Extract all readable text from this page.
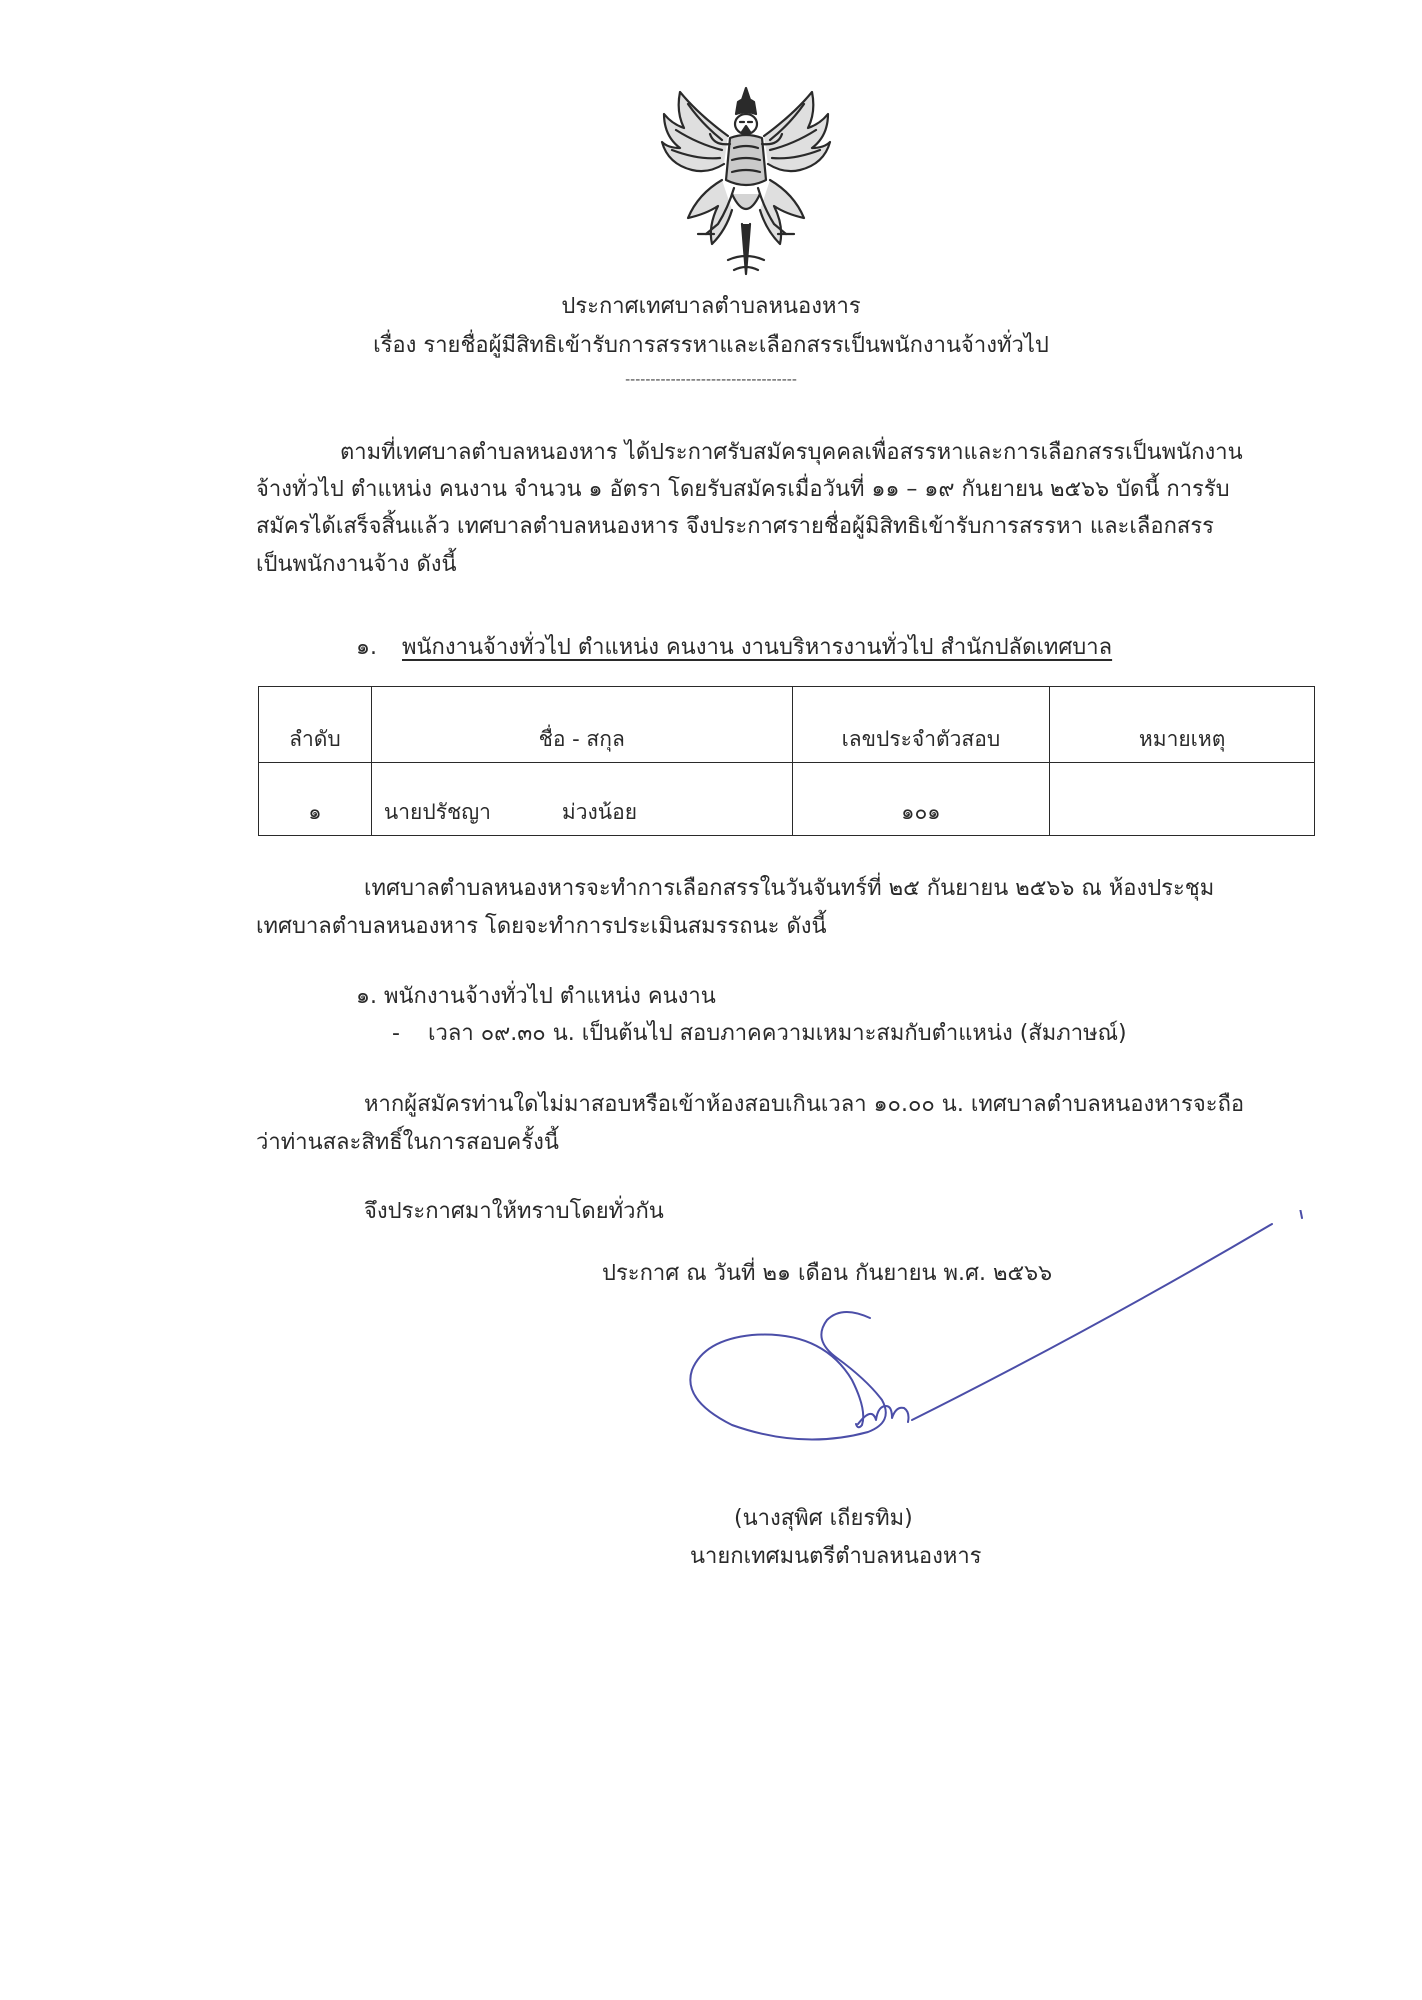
ประกาศเทศบาลตำบลหนองหาร
เรื่อง รายชื่อผู้มีสิทธิเข้ารับการสรรหาและเลือกสรรเป็นพนักงานจ้างทั่วไป
----------------------------------
ตามที่เทศบาลตำบลหนองหาร ได้ประกาศรับสมัครบุคคลเพื่อสรรหาและการเลือกสรรเป็นพนักงาน
จ้างทั่วไป ตำแหน่ง คนงาน จำนวน ๑ อัตรา โดยรับสมัครเมื่อวันที่ ๑๑ – ๑๙ กันยายน ๒๕๖๖ บัดนี้ การรับ
สมัครได้เสร็จสิ้นแล้ว เทศบาลตำบลหนองหาร จึงประกาศรายชื่อผู้มิสิทธิเข้ารับการสรรหา และเลือกสรร
เป็นพนักงานจ้าง ดังนี้
๑. พนักงานจ้างทั่วไป ตำแหน่ง คนงาน งานบริหารงานทั่วไป สำนักปลัดเทศบาล
ลำดับ	ชื่อ - สกุล	เลขประจำตัวสอบ	หมายเหตุ
๑	นายปรัชญา ม่วงน้อย	๑๐๑	
เทศบาลตำบลหนองหารจะทำการเลือกสรรในวันจันทร์ที่ ๒๕ กันยายน ๒๕๖๖ ณ ห้องประชุม
เทศบาลตำบลหนองหาร โดยจะทำการประเมินสมรรถนะ ดังนี้
๑. พนักงานจ้างทั่วไป ตำแหน่ง คนงาน
- เวลา ๐๙.๓๐ น. เป็นต้นไป สอบภาคความเหมาะสมกับตำแหน่ง (สัมภาษณ์)
หากผู้สมัครท่านใดไม่มาสอบหรือเข้าห้องสอบเกินเวลา ๑๐.๐๐ น. เทศบาลตำบลหนองหารจะถือ
ว่าท่านสละสิทธิ์ในการสอบครั้งนี้
จึงประกาศมาให้ทราบโดยทั่วกัน
ประกาศ ณ วันที่ ๒๑ เดือน กันยายน พ.ศ. ๒๕๖๖
(นางสุพิศ เถียรทิม)
นายกเทศมนตรีตำบลหนองหาร
